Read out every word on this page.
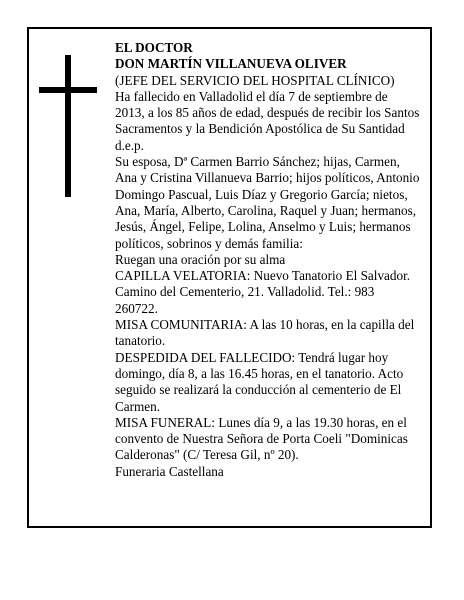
EL DOCTOR

DON MARTÍN VILLANUEVA OLIVER

(JEFE DEL SERVICIO DEL HOSPITAL CLÍNICO)

Ha fallecido en Valladolid el día 7 de septiembre de 2013, a los 85 años de edad, después de recibir los Santos Sacramentos y la Bendición Apostólica de Su Santidad

d.e.p.

Su esposa, Dª Carmen Barrio Sánchez; hijas, Carmen, Ana y Cristina Villanueva Barrio; hijos políticos, Antonio Domingo Pascual, Luis Díaz y Gregorio García; nietos, Ana, María, Alberto, Carolina, Raquel y Juan; hermanos, Jesús, Ángel, Felipe, Lolina, Anselmo y Luis; hermanos políticos, sobrinos y demás familia:

Ruegan una oración por su alma

CAPILLA VELATORIA: Nuevo Tanatorio El Salvador. Camino del Cementerio, 21. Valladolid. Tel.: 983 260722.

MISA COMUNITARIA: A las 10 horas, en la capilla del tanatorio.

DESPEDIDA DEL FALLECIDO: Tendrá lugar hoy domingo, día 8, a las 16.45 horas, en el tanatorio. Acto seguido se realizará la conducción al cementerio de El Carmen.

MISA FUNERAL: Lunes día 9, a las 19.30 horas, en el convento de Nuestra Señora de Porta Coeli "Dominicas Calderonas" (C/ Teresa Gil, nº 20).

Funeraria Castellana
